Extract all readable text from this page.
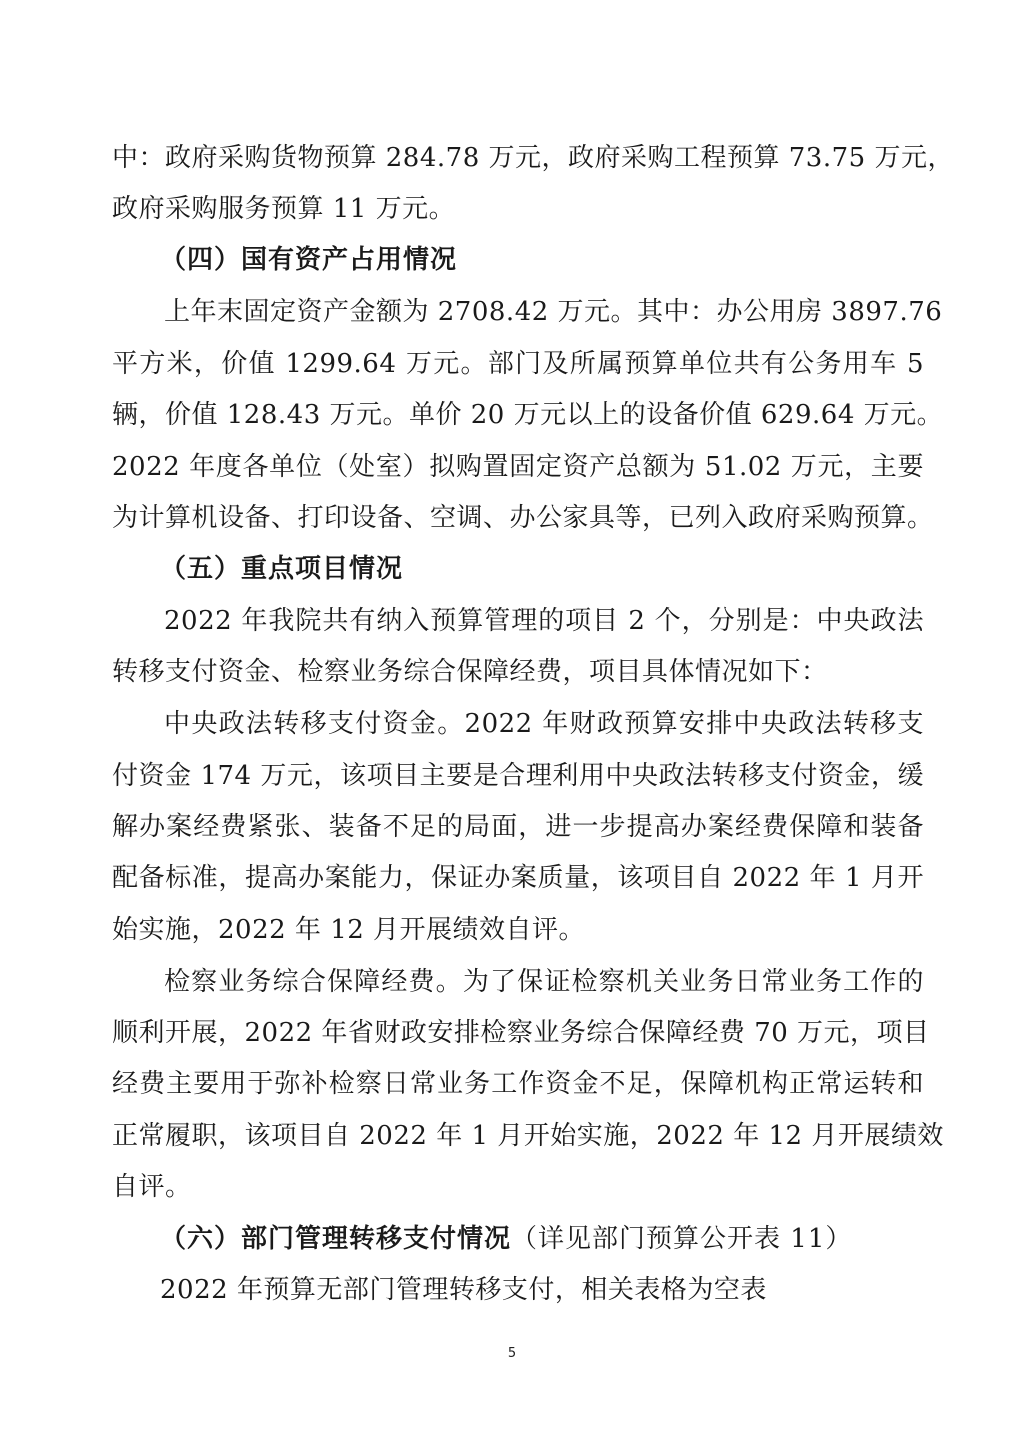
中：政府采购货物预算 284.78 万元，政府采购工程预算 73.75 万元，
政府采购服务预算 11 万元。
（四）国有资产占用情况
上年末固定资产金额为 2708.42 万元。其中：办公用房 3897.76
平方米，价值 1299.64 万元。部门及所属预算单位共有公务用车 5
辆，价值 128.43 万元。单价 20 万元以上的设备价值 629.64 万元。
2022 年度各单位（处室）拟购置固定资产总额为 51.02 万元，主要
为计算机设备、打印设备、空调、办公家具等，已列入政府采购预算。
（五）重点项目情况
2022 年我院共有纳入预算管理的项目 2 个，分别是：中央政法
转移支付资金、检察业务综合保障经费，项目具体情况如下：
中央政法转移支付资金。2022 年财政预算安排中央政法转移支
付资金 174 万元，该项目主要是合理利用中央政法转移支付资金，缓
解办案经费紧张、装备不足的局面，进一步提高办案经费保障和装备
配备标准，提高办案能力，保证办案质量，该项目自 2022 年 1 月开
始实施，2022 年 12 月开展绩效自评。
检察业务综合保障经费。为了保证检察机关业务日常业务工作的
顺利开展，2022 年省财政安排检察业务综合保障经费 70 万元，项目
经费主要用于弥补检察日常业务工作资金不足，保障机构正常运转和
正常履职，该项目自 2022 年 1 月开始实施，2022 年 12 月开展绩效
自评。
（六）部门管理转移支付情况（详见部门预算公开表 11）
2022 年预算无部门管理转移支付，相关表格为空表
5
